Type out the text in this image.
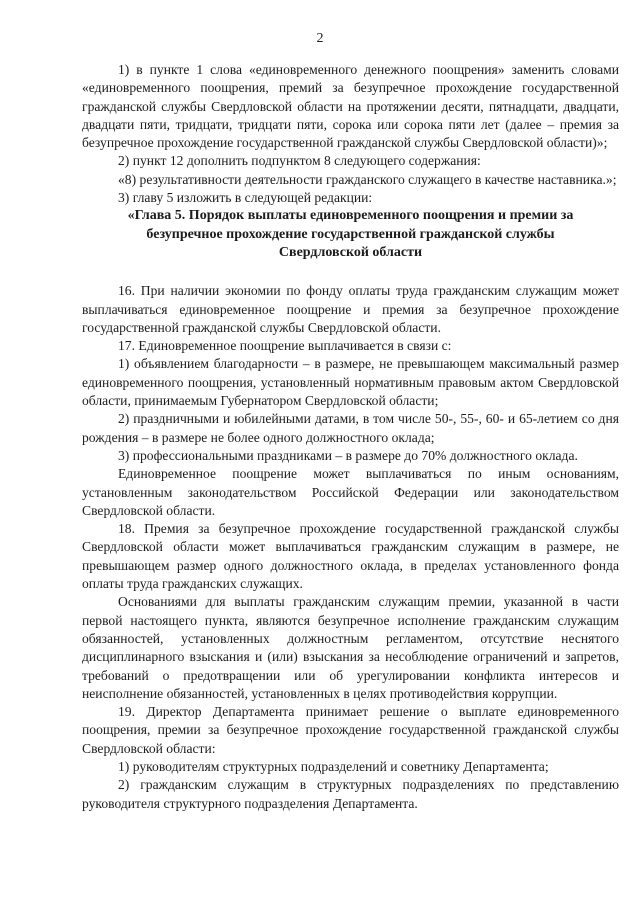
2

1) в пункте 1 слова «единовременного денежного поощрения» заменить словами «единовременного поощрения, премий за безупречное прохождение государственной гражданской службы Свердловской области на протяжении десяти, пятнадцати, двадцати, двадцати пяти, тридцати, тридцати пяти, сорока или сорока пяти лет (далее – премия за безупречное прохождение государственной гражданской службы Свердловской области)»;

2) пункт 12 дополнить подпунктом 8 следующего содержания:

«8) результативности деятельности гражданского служащего в качестве наставника.»;

3) главу 5 изложить в следующей редакции:

«Глава 5. Порядок выплаты единовременного поощрения и премии за безупречное прохождение государственной гражданской службы Свердловской области

16. При наличии экономии по фонду оплаты труда гражданским служащим может выплачиваться единовременное поощрение и премия за безупречное прохождение государственной гражданской службы Свердловской области.

17. Единовременное поощрение выплачивается в связи с:

1) объявлением благодарности – в размере, не превышающем максимальный размер единовременного поощрения, установленный нормативным правовым актом Свердловской области, принимаемым Губернатором Свердловской области;

2) праздничными и юбилейными датами, в том числе 50-, 55-, 60- и 65-летием со дня рождения – в размере не более одного должностного оклада;

3) профессиональными праздниками – в размере до 70% должностного оклада.

Единовременное поощрение может выплачиваться по иным основаниям, установленным законодательством Российской Федерации или законодательством Свердловской области.

18. Премия за безупречное прохождение государственной гражданской службы Свердловской области может выплачиваться гражданским служащим в размере, не превышающем размер одного должностного оклада, в пределах установленного фонда оплаты труда гражданских служащих.

Основаниями для выплаты гражданским служащим премии, указанной в части первой настоящего пункта, являются безупречное исполнение гражданским служащим обязанностей, установленных должностным регламентом, отсутствие неснятого дисциплинарного взыскания и (или) взыскания за несоблюдение ограничений и запретов, требований о предотвращении или об урегулировании конфликта интересов и неисполнение обязанностей, установленных в целях противодействия коррупции.

19. Директор Департамента принимает решение о выплате единовременного поощрения, премии за безупречное прохождение государственной гражданской службы Свердловской области:

1) руководителям структурных подразделений и советнику Департамента;

2) гражданским служащим в структурных подразделениях по представлению руководителя структурного подразделения Департамента.
